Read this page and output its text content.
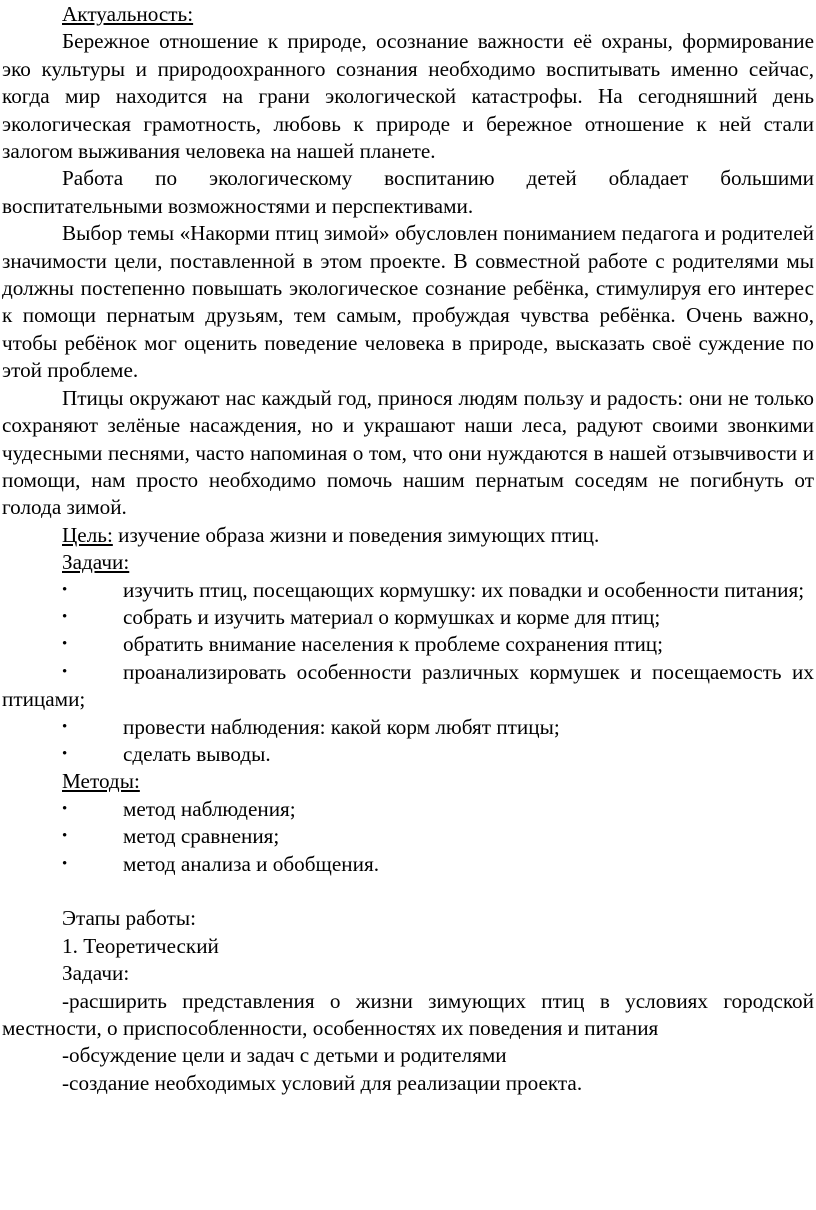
Актуальность:

Бережное отношение к природе, осознание важности её охраны, формирование эко культуры и природоохранного сознания необходимо воспитывать именно сейчас, когда мир находится на грани экологической катастрофы. На сегодняшний день экологическая грамотность, любовь к природе и бережное отношение к ней стали залогом выживания человека на нашей планете.

Работа по экологическому воспитанию детей обладает большими воспитательными возможностями и перспективами.

Выбор темы «Накорми птиц зимой» обусловлен пониманием педагога и родителей значимости цели, поставленной в этом проекте. В совместной работе с родителями мы должны постепенно повышать экологическое сознание ребёнка, стимулируя его интерес к помощи пернатым друзьям, тем самым, пробуждая чувства ребёнка. Очень важно, чтобы ребёнок мог оценить поведение человека в природе, высказать своё суждение по этой проблеме.

Птицы окружают нас каждый год, принося людям пользу и радость: они не только сохраняют зелёные насаждения, но и украшают наши леса, радуют своими звонкими чудесными песнями, часто напоминая о том, что они нуждаются в нашей отзывчивости и помощи, нам просто необходимо помочь нашим пернатым соседям не погибнуть от голода зимой.

Цель: изучение образа жизни и поведения зимующих птиц.

Задачи:

•	изучить птиц, посещающих кормушку: их повадки и особенности питания;
•	собрать и изучить материал о кормушках и корме для птиц;
•	обратить внимание населения к проблеме сохранения птиц;
•	проанализировать особенности различных кормушек и посещаемость их птицами;
•	провести наблюдения: какой корм любят птицы;
•	сделать выводы.

Методы:

•	метод наблюдения;
•	метод сравнения;
•	метод анализа и обобщения.

Этапы работы:

1. Теоретический

Задачи:

-расширить представления о жизни зимующих птиц в условиях городской местности, о приспособленности, особенностях их поведения и питания

-обсуждение цели и задач с детьми и родителями

-создание необходимых условий для реализации проекта.
